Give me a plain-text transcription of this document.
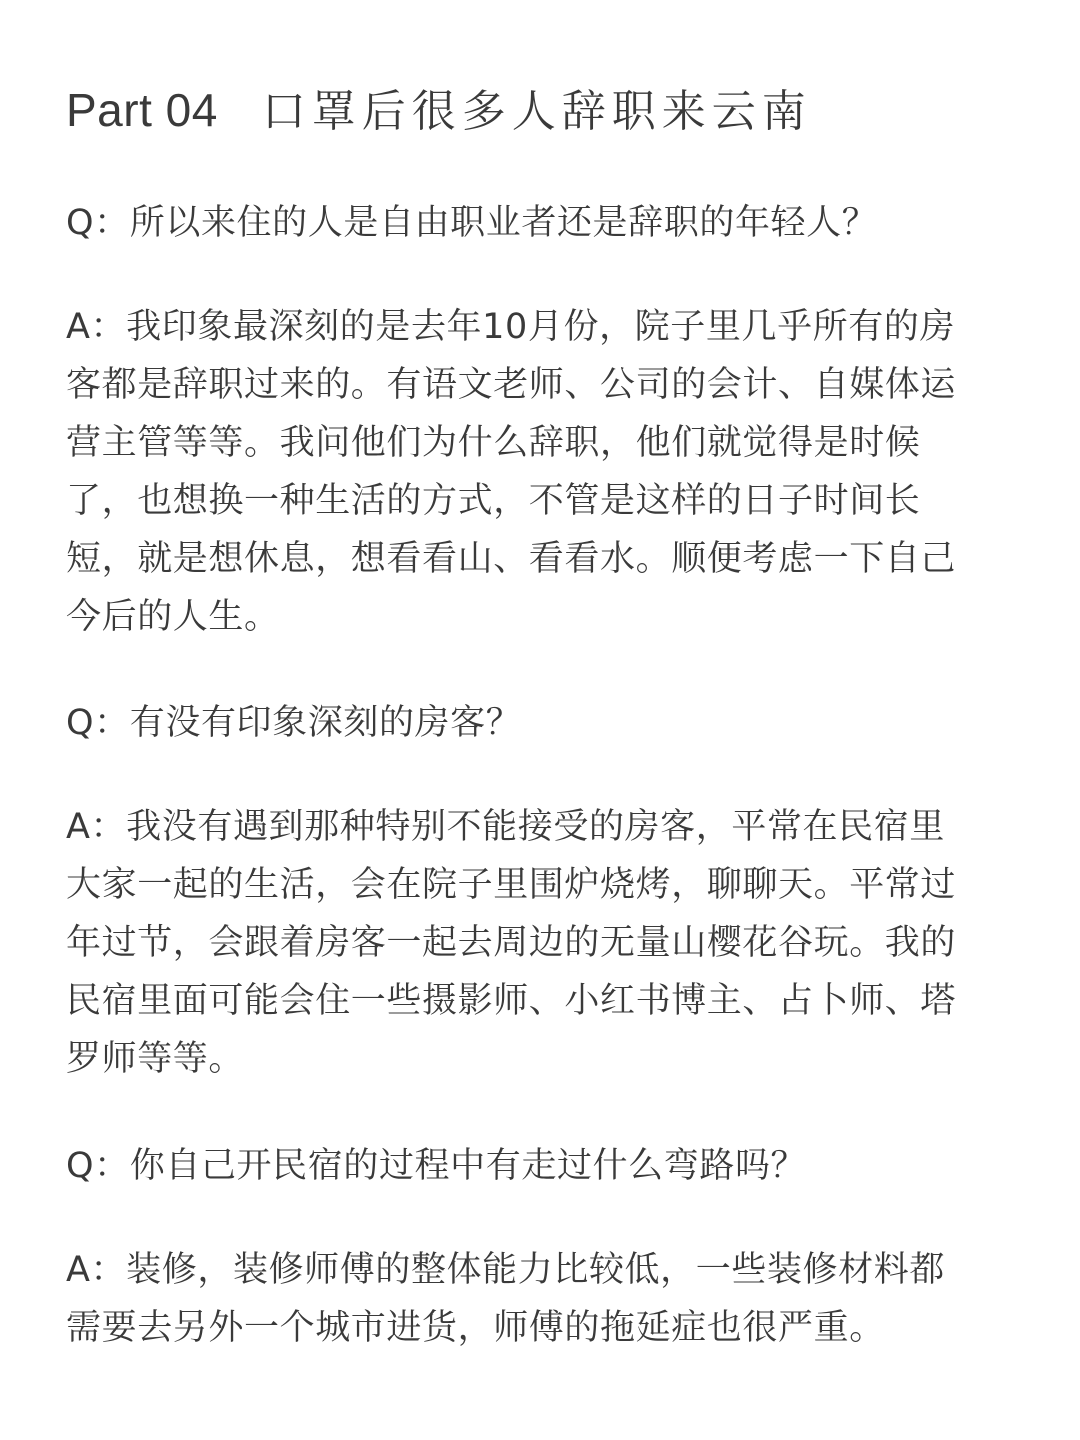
Part 04 口罩后很多人辞职来云南

Q：所以来住的人是自由职业者还是辞职的年轻人？

A：我印象最深刻的是去年10月份，院子里几乎所有的房
客都是辞职过来的。有语文老师、公司的会计、自媒体运
营主管等等。我问他们为什么辞职，他们就觉得是时候
了，也想换一种生活的方式，不管是这样的日子时间长
短，就是想休息，想看看山、看看水。顺便考虑一下自己
今后的人生。

Q：有没有印象深刻的房客？

A：我没有遇到那种特别不能接受的房客，平常在民宿里
大家一起的生活，会在院子里围炉烧烤，聊聊天。平常过
年过节，会跟着房客一起去周边的无量山樱花谷玩。我的
民宿里面可能会住一些摄影师、小红书博主、占卜师、塔
罗师等等。

Q：你自己开民宿的过程中有走过什么弯路吗？

A：装修，装修师傅的整体能力比较低，一些装修材料都
需要去另外一个城市进货，师傅的拖延症也很严重。
